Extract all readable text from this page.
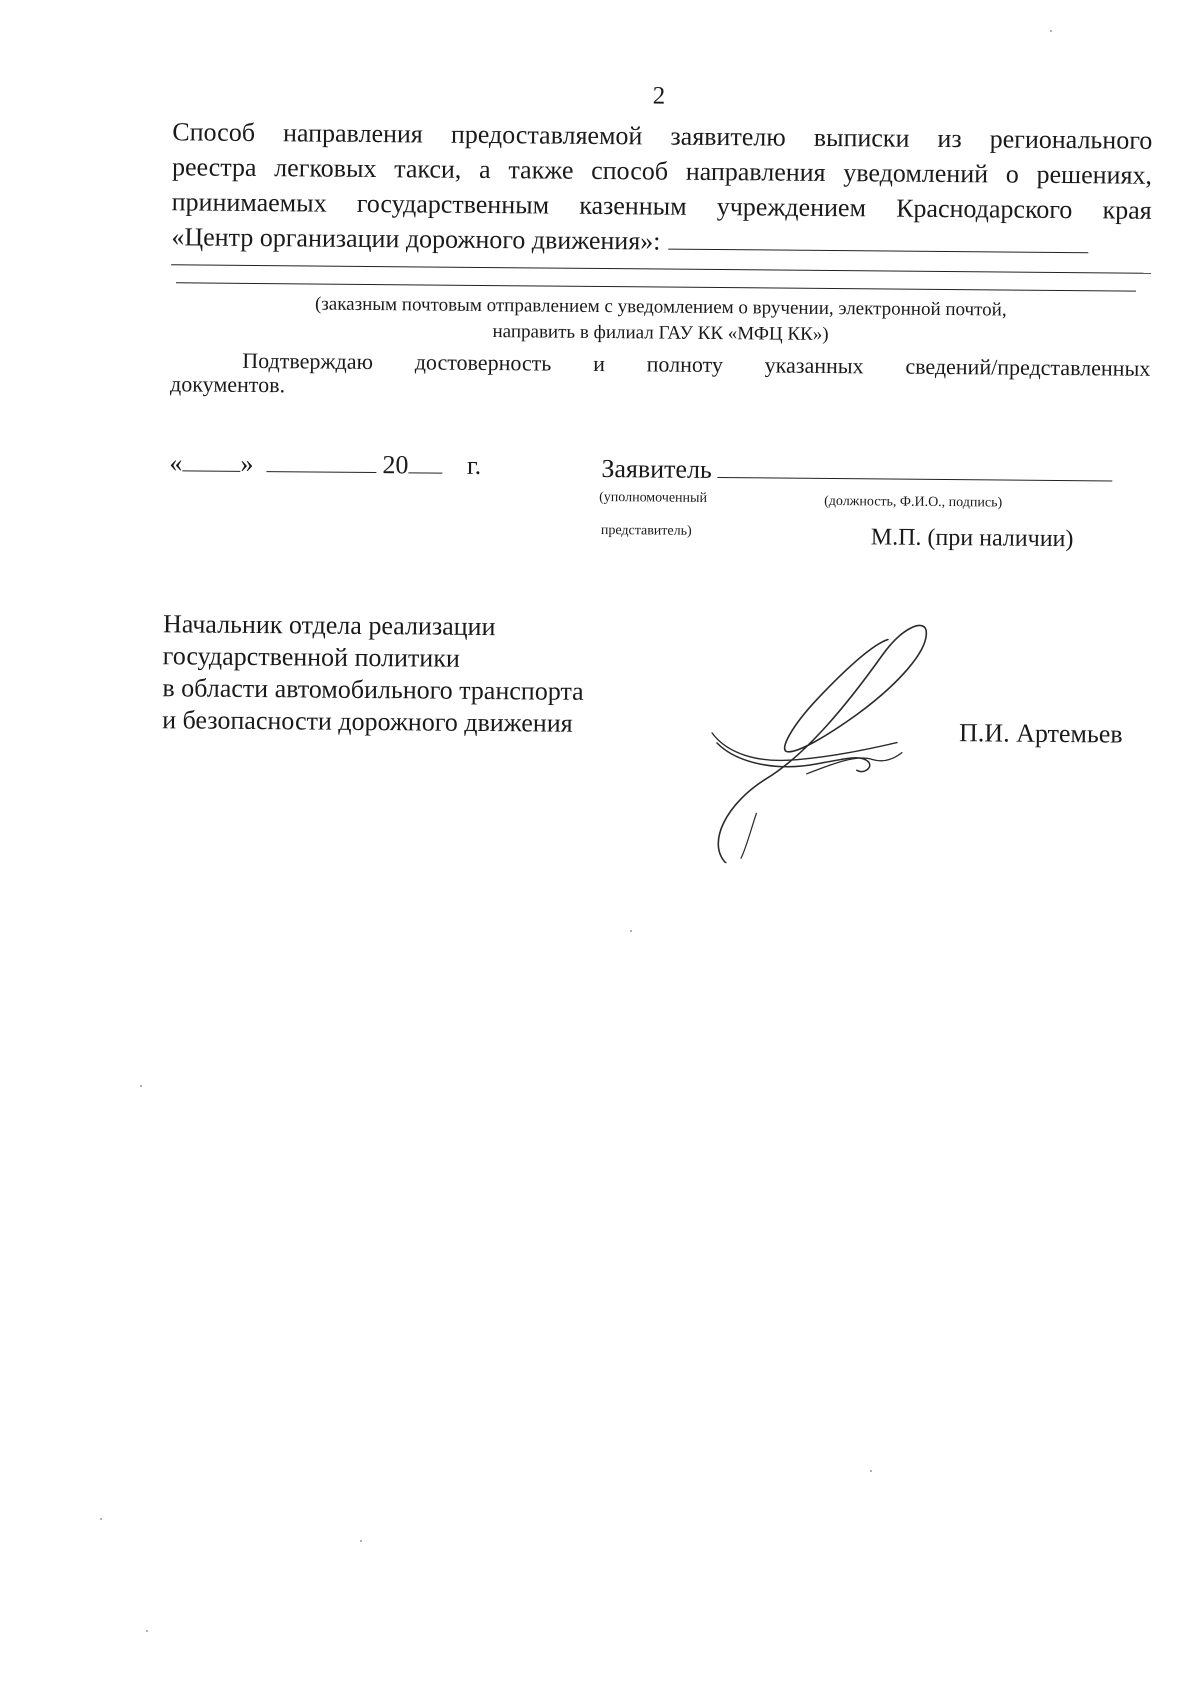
2
Способ направления предоставляемой заявителю выписки из регионального
реестра легковых такси, а также способ направления уведомлений о решениях,
принимаемых государственным казенным учреждением Краснодарского края
«Центр организации дорожного движения»:
(заказным почтовым отправлением с уведомлением о вручении, электронной почтой,
направить в филиал ГАУ КК «МФЦ КК»)
Подтверждаю достоверность и полноту указанных сведений/представленных
документов.
« »	20 г.	Заявитель
(уполномоченный
представитель)
(должность, Ф.И.О., подпись)
М.П. (при наличии)
Начальник отдела реализации
государственной политики
в области автомобильного транспорта
и безопасности дорожного движения	П.И. Артемьев
